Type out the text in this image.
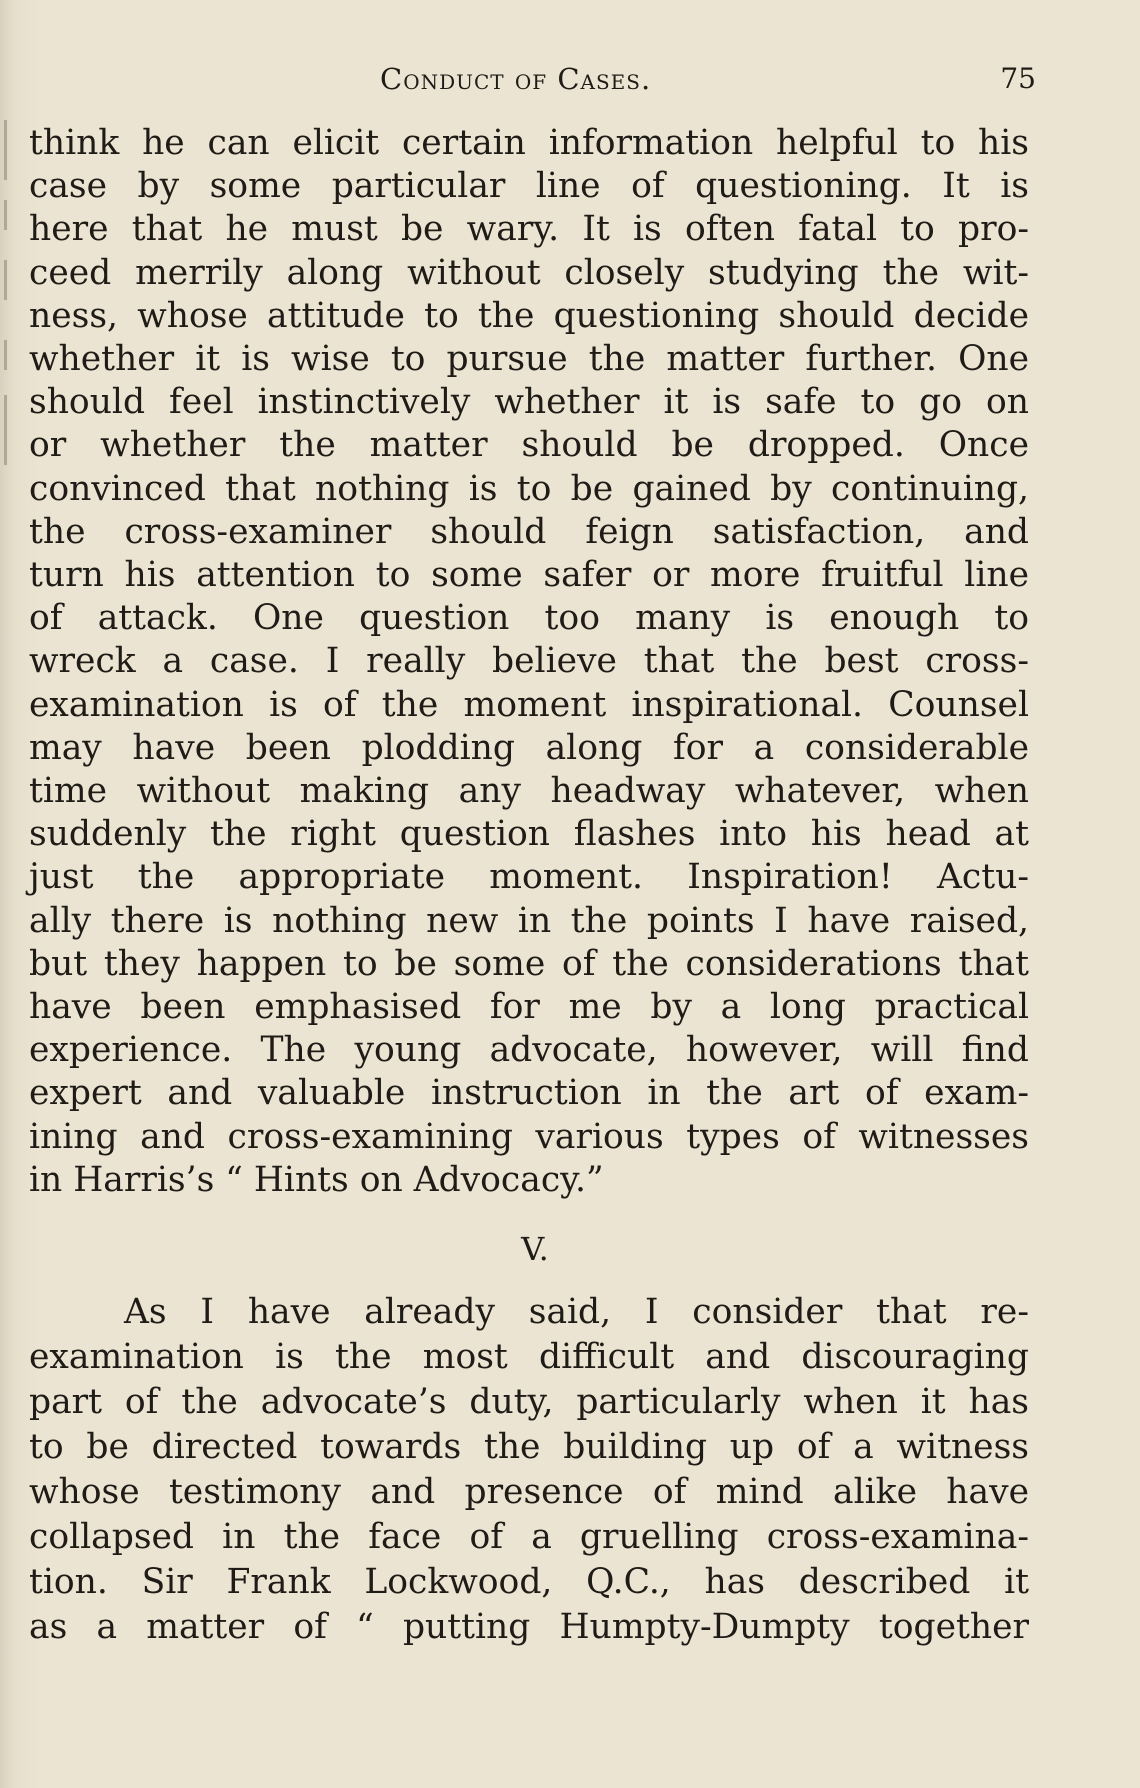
Conduct of Cases.	75
think he can elicit certain information helpful to his
case by some particular line of questioning. It is
here that he must be wary. It is often fatal to pro-
ceed merrily along without closely studying the wit-
ness, whose attitude to the questioning should decide
whether it is wise to pursue the matter further. One
should feel instinctively whether it is safe to go on
or whether the matter should be dropped. Once
convinced that nothing is to be gained by continuing,
the cross-examiner should feign satisfaction, and
turn his attention to some safer or more fruitful line
of attack. One question too many is enough to
wreck a case. I really believe that the best cross-
examination is of the moment inspirational. Counsel
may have been plodding along for a considerable
time without making any headway whatever, when
suddenly the right question flashes into his head at
just the appropriate moment. Inspiration! Actu-
ally there is nothing new in the points I have raised,
but they happen to be some of the considerations that
have been emphasised for me by a long practical
experience. The young advocate, however, will find
expert and valuable instruction in the art of exam-
ining and cross-examining various types of witnesses
in Harris’s “ Hints on Advocacy.”
V.
As I have already said, I consider that re-
examination is the most difficult and discouraging
part of the advocate’s duty, particularly when it has
to be directed towards the building up of a witness
whose testimony and presence of mind alike have
collapsed in the face of a gruelling cross-examina-
tion. Sir Frank Lockwood, Q.C., has described it
as a matter of “ putting Humpty-Dumpty together
